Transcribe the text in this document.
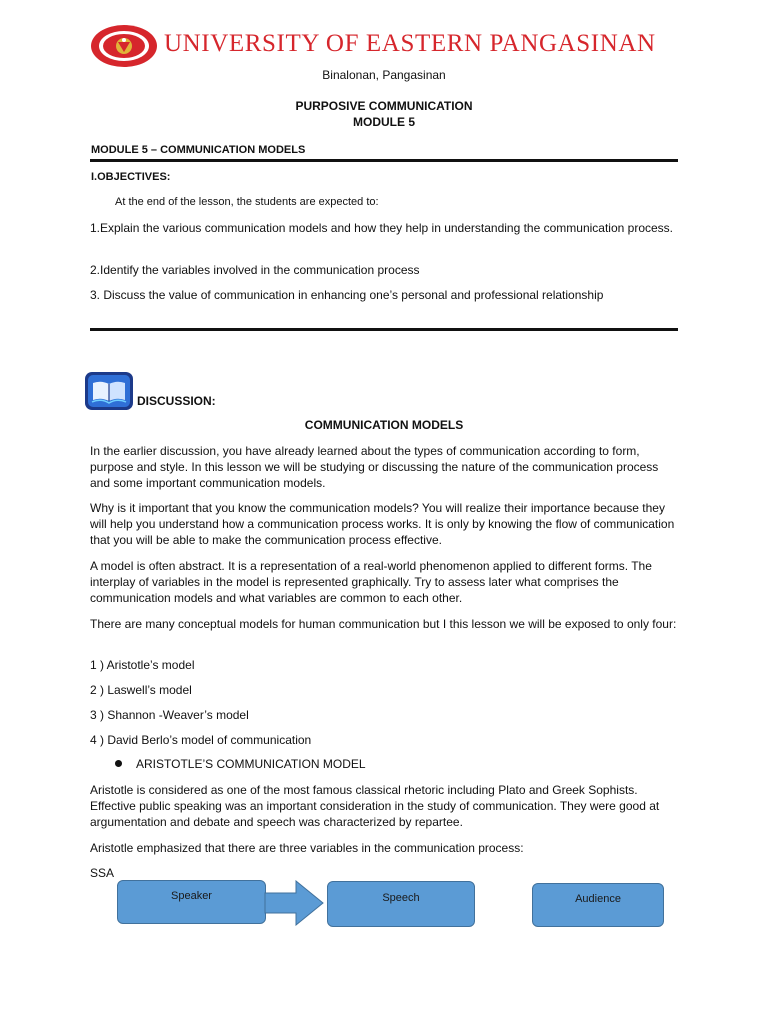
UNIVERSITY OF EASTERN PANGASINAN
Binalonan, Pangasinan
PURPOSIVE COMMUNICATION
MODULE 5
MODULE 5 – COMMUNICATION MODELS
I.OBJECTIVES:
At the end of the lesson, the students are expected to:
1.Explain the various communication models and how they help in understanding the communication process.
2.Identify the variables involved in the communication process
3. Discuss the value of communication in enhancing one’s personal and professional relationship
DISCUSSION:
COMMUNICATION MODELS
In the earlier discussion, you have already learned about the types of communication according to form, purpose and style. In this lesson we will be studying or discussing the nature of the communication process and some important communication models.
Why is it important that you know the communication models? You will realize their importance because they will help you understand how a communication process works. It is only by knowing the flow of communication that you will be able to make the communication process effective.
A model is often abstract. It is a representation of a real-world phenomenon applied to different forms. The interplay of variables in the model is represented graphically. Try to assess later what comprises the communication models and what variables are common to each other.
There are many conceptual models for human communication but I this lesson we will be exposed to only four:
1 ) Aristotle’s model
2 ) Laswell’s model
3 ) Shannon -Weaver’s model
4 ) David Berlo’s model of communication
ARISTOTLE’S COMMUNICATION MODEL
Aristotle is considered as one of the most famous classical rhetoric including Plato and Greek Sophists. Effective public speaking was an important consideration in the study of communication. They were good at argumentation and debate and speech was characterized by repartee.
Aristotle emphasized that there are three variables in the communication process:
SSA
Speaker	Speech	Audience
